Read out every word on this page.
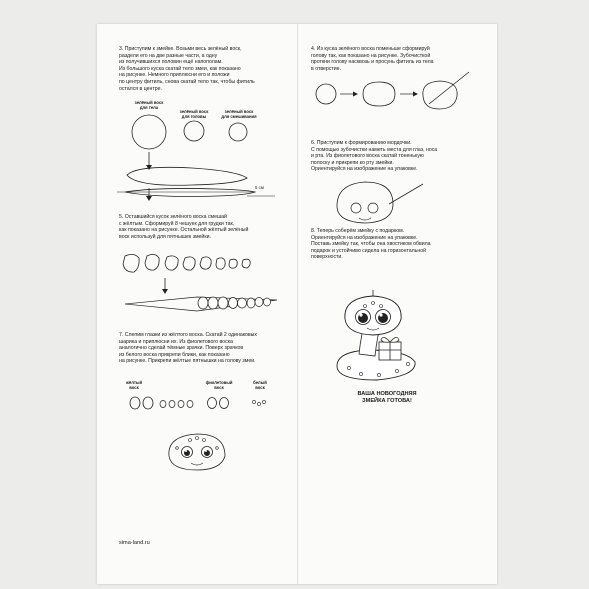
3. Приступим к змейке. Возьми весь зелёный воск,
раздели его на две разные части, а одну
из получившихся половин ещё напополам.
Из большого куска скатай тело змеи, как показано
на рисунке. Немного приплюсни его и положи
по центру фитиль, снова скатай тело так, чтобы фитиль
остался в центре.
зелёный воск
для тела
зелёный воск
для головы
зелёный воск
для смешивания
5 см
5. Оставшийся кусок зелёного воска смешай
с жёлтым. Сформируй 8 чешуек для грудки так,
как показано на рисунке. Остальной жёлтый зелёный
воск используй для пятнышек змейки.
7. Слепим глазки из жёлтого воска. Скатай 2 одинаковых
шарика и приплюсни их. Из фиолетового воска
аналогично сделай тёмные зрачки. Поверх зрачков
из белого воска прикрепи блики, как показано
на рисунке. Прикрепи жёлтые пятнышки на голову змеи.
жёлтый
воск
фиолетовый
воск
белый
воск
sima-land.ru
4. Из куска зелёного воска поменьше сформируй
голову так, как показано на рисунке. Зубочисткой
проткни голову насквозь и просунь фитиль из тела
в отверстие.
6. Приступим к формированию мордочки.
С помощью зубочистки наметь места для глаз, носа
и рта. Из фиолетового воска скатай тоненькую
полоску и прикрепи ко рту змейки.
Ориентируйся на изображение на упаковке.
8. Теперь соберём змейку с подарком.
Ориентируйся на изображение на упаковке.
Поставь змейку так, чтобы она хвостиком обвила
подарок и устойчиво сидела на горизонтальной
поверхности.
ВАША НОВОГОДНЯЯ
ЗМЕЙКА ГОТОВА!
